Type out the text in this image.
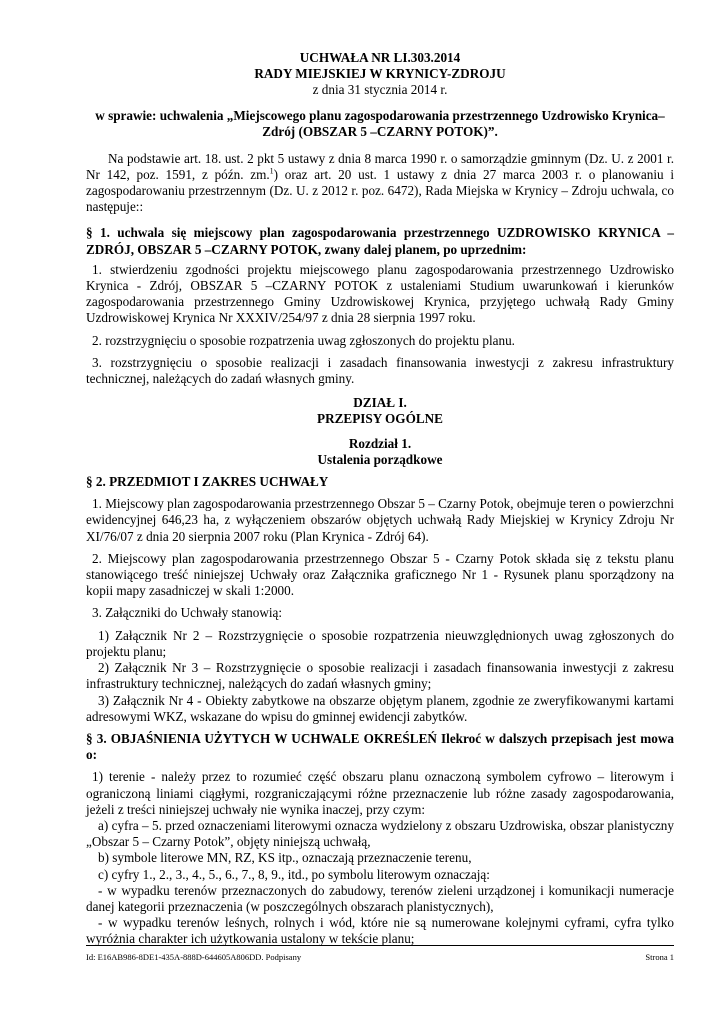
UCHWAŁA NR LI.303.2014
RADY MIEJSKIEJ W KRYNICY-ZDROJU
z dnia 31 stycznia 2014 r.
w sprawie: uchwalenia „Miejscowego planu zagospodarowania przestrzennego Uzdrowisko Krynica–Zdrój (OBSZAR 5 –CZARNY POTOK)”.

Na podstawie art. 18. ust. 2 pkt 5 ustawy z dnia 8 marca 1990 r. o samorządzie gminnym (Dz. U. z 2001 r. Nr 142, poz. 1591, z późn. zm.$^1$) oraz art. 20 ust. 1 ustawy z dnia 27 marca 2003 r. o planowaniu i zagospodarowaniu przestrzennym (Dz. U. z 2012 r. poz. 6472), Rada Miejska w Krynicy – Zdroju uchwala, co następuje::

§ 1. uchwala się miejscowy plan zagospodarowania przestrzennego UZDROWISKO KRYNICA – ZDRÓJ, OBSZAR 5 –CZARNY POTOK, zwany dalej planem, po uprzednim:

1. stwierdzeniu zgodności projektu miejscowego planu zagospodarowania przestrzennego Uzdrowisko Krynica - Zdrój, OBSZAR 5 –CZARNY POTOK z ustaleniami Studium uwarunkowań i kierunków zagospodarowania przestrzennego Gminy Uzdrowiskowej Krynica, przyjętego uchwałą Rady Gminy Uzdrowiskowej Krynica Nr XXXIV/254/97 z dnia 28 sierpnia 1997 roku.

2. rozstrzygnięciu o sposobie rozpatrzenia uwag zgłoszonych do projektu planu.

3. rozstrzygnięciu o sposobie realizacji i zasadach finansowania inwestycji z zakresu infrastruktury technicznej, należących do zadań własnych gminy.

DZIAŁ I.
PRZEPISY OGÓLNE
Rozdział 1.
Ustalenia porządkowe

§ 2. PRZEDMIOT I ZAKRES UCHWAŁY

1. Miejscowy plan zagospodarowania przestrzennego Obszar 5 – Czarny Potok, obejmuje teren o powierzchni ewidencyjnej 646,23 ha, z wyłączeniem obszarów objętych uchwałą Rady Miejskiej w Krynicy Zdroju Nr XI/76/07 z dnia 20 sierpnia 2007 roku (Plan Krynica - Zdrój 64).

2. Miejscowy plan zagospodarowania przestrzennego Obszar 5 - Czarny Potok składa się z tekstu planu stanowiącego treść niniejszej Uchwały oraz Załącznika graficznego Nr 1 - Rysunek planu sporządzony na kopii mapy zasadniczej w skali 1:2000.

3. Załączniki do Uchwały stanowią:

1) Załącznik Nr 2 – Rozstrzygnięcie o sposobie rozpatrzenia nieuwzględnionych uwag zgłoszonych do projektu planu;

2) Załącznik Nr 3 – Rozstrzygnięcie o sposobie realizacji i zasadach finansowania inwestycji z zakresu infrastruktury technicznej, należących do zadań własnych gminy;

3) Załącznik Nr 4 - Obiekty zabytkowe na obszarze objętym planem, zgodnie ze zweryfikowanymi kartami adresowymi WKZ, wskazane do wpisu do gminnej ewidencji zabytków.

§ 3. OBJAŚNIENIA UŻYTYCH W UCHWALE OKREŚLEŃ Ilekroć w dalszych przepisach jest mowa o:

1) terenie - należy przez to rozumieć część obszaru planu oznaczoną symbolem cyfrowo – literowym i ograniczoną liniami ciągłymi, rozgraniczającymi różne przeznaczenie lub różne zasady zagospodarowania, jeżeli z treści niniejszej uchwały nie wynika inaczej, przy czym:

a) cyfra – 5. przed oznaczeniami literowymi oznacza wydzielony z obszaru Uzdrowiska, obszar planistyczny „Obszar 5 – Czarny Potok”, objęty niniejszą uchwałą,

b) symbole literowe MN, RZ, KS itp., oznaczają przeznaczenie terenu,

c) cyfry 1., 2., 3., 4., 5., 6., 7., 8, 9., itd., po symbolu literowym oznaczają:

- w wypadku terenów przeznaczonych do zabudowy, terenów zieleni urządzonej i komunikacji numeracje danej kategorii przeznaczenia (w poszczególnych obszarach planistycznych),

- w wypadku terenów leśnych, rolnych i wód, które nie są numerowane kolejnymi cyframi, cyfra tylko wyróżnia charakter ich użytkowania ustalony w tekście planu;

Id: E16AB986-8DE1-435A-888D-644605A806DD. Podpisany	Strona 1
